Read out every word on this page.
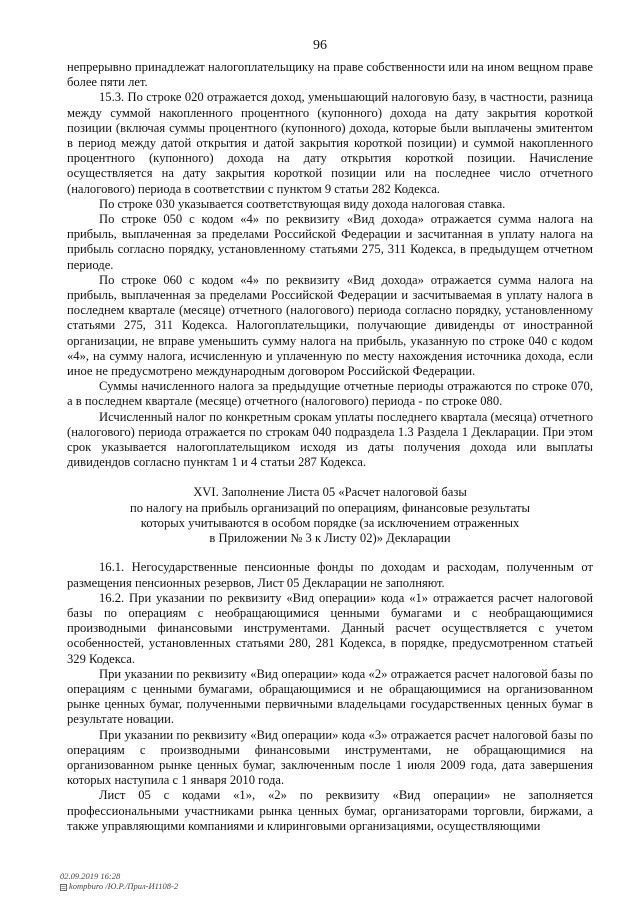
96

непрерывно принадлежат налогоплательщику на праве собственности или на ином вещном праве более пяти лет.

15.3. По строке 020 отражается доход, уменьшающий налоговую базу, в частности, разница между суммой накопленного процентного (купонного) дохода на дату закрытия короткой позиции (включая суммы процентного (купонного) дохода, которые были выплачены эмитентом в период между датой открытия и датой закрытия короткой позиции) и суммой накопленного процентного (купонного) дохода на дату открытия короткой позиции. Начисление осуществляется на дату закрытия короткой позиции или на последнее число отчетного (налогового) периода в соответствии с пунктом 9 статьи 282 Кодекса.

По строке 030 указывается соответствующая виду дохода налоговая ставка.

По строке 050 с кодом «4» по реквизиту «Вид дохода» отражается сумма налога на прибыль, выплаченная за пределами Российской Федерации и засчитанная в уплату налога на прибыль согласно порядку, установленному статьями 275, 311 Кодекса, в предыдущем отчетном периоде.

По строке 060 с кодом «4» по реквизиту «Вид дохода» отражается сумма налога на прибыль, выплаченная за пределами Российской Федерации и засчитываемая в уплату налога в последнем квартале (месяце) отчетного (налогового) периода согласно порядку, установленному статьями 275, 311 Кодекса. Налогоплательщики, получающие дивиденды от иностранной организации, не вправе уменьшить сумму налога на прибыль, указанную по строке 040 с кодом «4», на сумму налога, исчисленную и уплаченную по месту нахождения источника дохода, если иное не предусмотрено международным договором Российской Федерации.

Суммы начисленного налога за предыдущие отчетные периоды отражаются по строке 070, а в последнем квартале (месяце) отчетного (налогового) периода - по строке 080.

Исчисленный налог по конкретным срокам уплаты последнего квартала (месяца) отчетного (налогового) периода отражается по строкам 040 подраздела 1.3 Раздела 1 Декларации. При этом срок указывается налогоплательщиком исходя из даты получения дохода или выплаты дивидендов согласно пунктам 1 и 4 статьи 287 Кодекса.

XVI. Заполнение Листа 05 «Расчет налоговой базы
по налогу на прибыль организаций по операциям, финансовые результаты
которых учитываются в особом порядке (за исключением отраженных
в Приложении № 3 к Листу 02)» Декларации

16.1. Негосударственные пенсионные фонды по доходам и расходам, полученным от размещения пенсионных резервов, Лист 05 Декларации не заполняют.

16.2. При указании по реквизиту «Вид операции» кода «1» отражается расчет налоговой базы по операциям с необращающимися ценными бумагами и с необращающимися производными финансовыми инструментами. Данный расчет осуществляется с учетом особенностей, установленных статьями 280, 281 Кодекса, в порядке, предусмотренном статьей 329 Кодекса.

При указании по реквизиту «Вид операции» кода «2» отражается расчет налоговой базы по операциям с ценными бумагами, обращающимися и не обращающимися на организованном рынке ценных бумаг, полученными первичными владельцами государственных ценных бумаг в результате новации.

При указании по реквизиту «Вид операции» кода «3» отражается расчет налоговой базы по операциям с производными финансовыми инструментами, не обращающимися на организованном рынке ценных бумаг, заключенным после 1 июля 2009 года, дата завершения которых наступила с 1 января 2010 года.

Лист 05 с кодами «1», «2» по реквизиту «Вид операции» не заполняется профессиональными участниками рынка ценных бумаг, организаторами торговли, биржами, а также управляющими компаниями и клиринговыми организациями, осуществляющими

02.09.2019 16:28
kompburo /Ю.Р./Прил-И1108-2
